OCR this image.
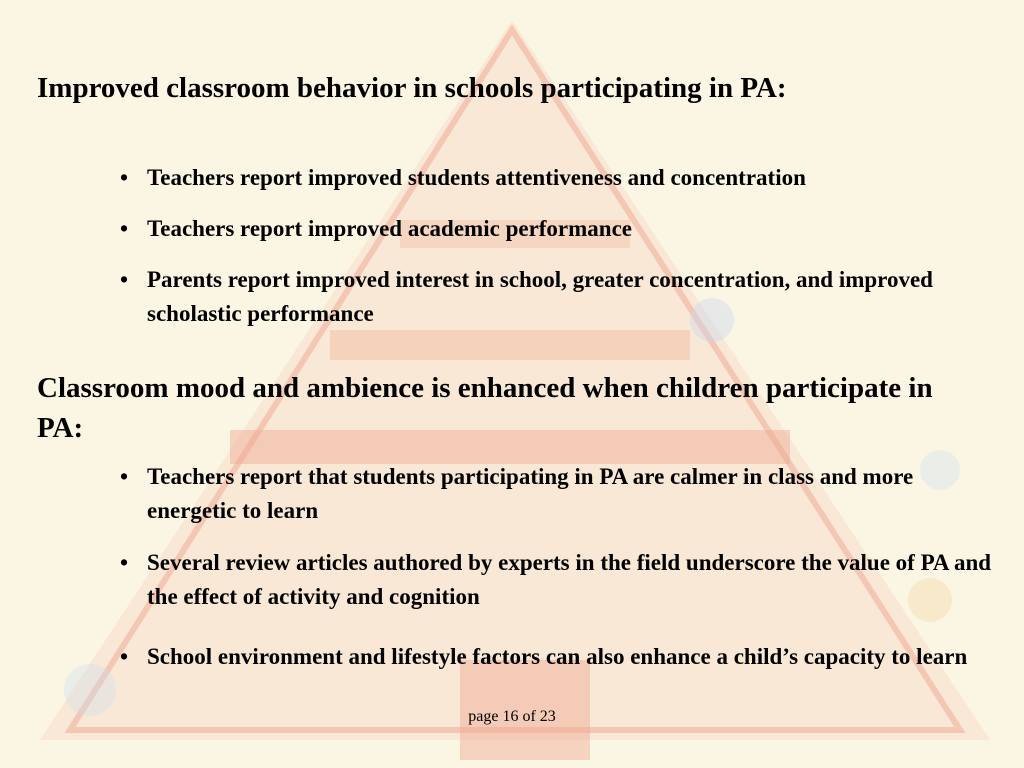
Improved classroom behavior in schools participating in PA:
• Teachers report improved students attentiveness and concentration
• Teachers report improved academic performance
• Parents report improved interest in school, greater concentration, and improved scholastic performance
Classroom mood and ambience is enhanced when children participate in PA:
• Teachers report that students participating in PA are calmer in class and more energetic to learn
• Several review articles authored by experts in the field underscore the value of PA and the effect of activity and cognition
• School environment and lifestyle factors can also enhance a child’s capacity to learn
page 16 of 23
